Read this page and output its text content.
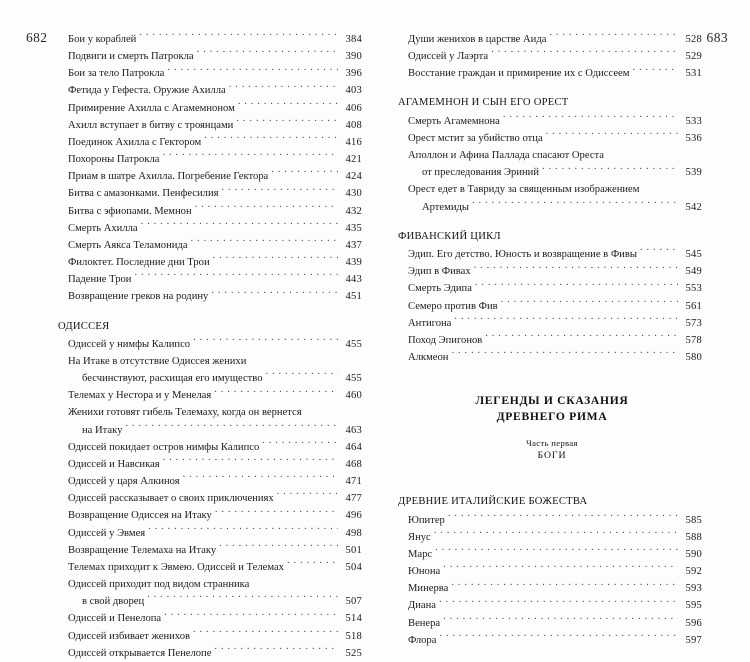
682 Бои у кораблей . . .	384
Подвиги и смерть Патрокла . . .	390
Бои за тело Патрокла . . .	396
Фетида у Гефеста. Оружие Ахилла . . .	403
Примирение Ахилла с Агамемноном . . .	406
Ахилл вступает в битву с троянцами . . .	408
Поединок Ахилла с Гектором . . .	416
Похороны Патрокла . . .	421
Приам в шатре Ахилла. Погребение Гектора . . .	424
Битва с амазонками. Пенфесилия . . .	430
Битва с эфиопами. Мемнон . . .	432
Смерть Ахилла . . .	435
Смерть Аякса Теламонида . . .	437
Филоктет. Последние дни Трои . . .	439
Падение Трои . . .	443
Возвращение греков на родину . . .	451
ОДИССЕЯ
Одиссей у нимфы Калипсо . . .	455
На Итаке в отсутствие Одиссея женихи
бесчинствуют, расхищая его имущество . . .	455
Телемах у Нестора и у Менелая . . .	460
Женихи готовят гибель Телемаху, когда он вернется
на Итаку . . .	463
Одиссей покидает остров нимфы Калипсо . . .	464
Одиссей и Навсикая . . .	468
Одиссей у царя Алкиноя . . .	471
Одиссей рассказывает о своих приключениях . . .	477
Возвращение Одиссея на Итаку . . .	496
Одиссей у Эвмея . . .	498
Возвращение Телемаха на Итаку . . .	501
Телемах приходит к Эвмею. Одиссей и Телемах . . .	504
Одиссей приходит под видом странника
в свой дворец . . .	507
Одиссей и Пенелопа . . .	514
Одиссей избивает женихов . . .	518
Одиссей открывается Пенелопе . . .	525
683
Души женихов в царстве Аида . . .	528
Одиссей у Лаэрта . . .	529
Восстание граждан и примирение их с Одиссеем . . .	531
АГАМЕМНОН И СЫН ЕГО ОРЕСТ
Смерть Агамемнона . . .	533
Орест мстит за убийство отца . . .	536
Аполлон и Афина Паллада спасают Ореста
от преследования Эриний . . .	539
Орест едет в Тавриду за священным изображением
Артемиды . . .	542
ФИВАНСКИЙ ЦИКЛ
Эдип. Его детство. Юность и возвращение в Фивы . . .	545
Эдип в Фивах . . .	549
Смерть Эдипа . . .	553
Семеро против Фив . . .	561
Антигона . . .	573
Поход Эпигонов . . .	578
Алкмеон . . .	580
ЛЕГЕНДЫ И СКАЗАНИЯ
ДРЕВНЕГО РИМА
Часть первая
БОГИ
ДРЕВНИЕ ИТАЛИЙСКИЕ БОЖЕСТВА
Юпитер . . .	585
Янус . . .	588
Марс . . .	590
Юнона . . .	592
Минерва . . .	593
Диана . . .	595
Венера . . .	596
Флора . . .	597
